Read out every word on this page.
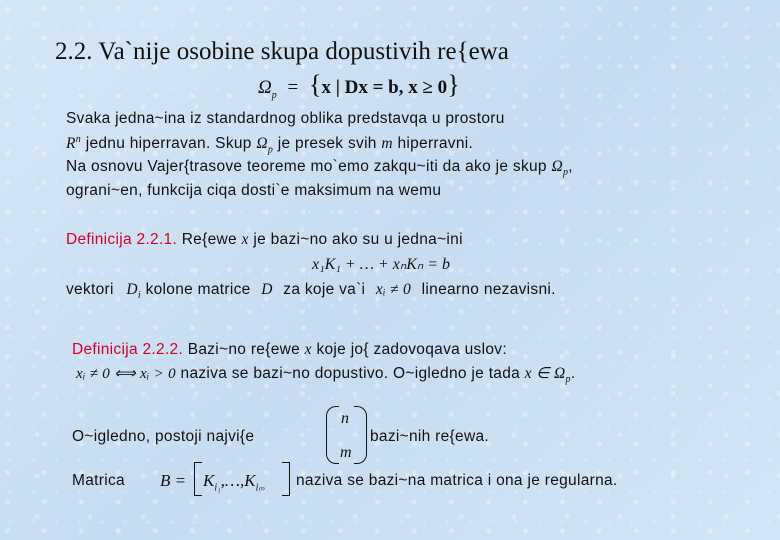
2.2. Va`nije osobine skupa dopustivih re{ewa
$\Omega_p = \{x$ | Dx = b, x ≥ 0}
Svaka jedna~ina iz standardnog oblika predstavqa u prostoru
$R^n$ jednu hiperravan. Skup $\Omega_p$ je presek svih m hiperravni.
Na osnovu Vajer{trasove teoreme mo`emo zakqu~iti da ako je skup $\Omega_p$,
ograni~en, funkcija ciqa dosti`e maksimum na wemu
Definicija 2.2.1. Re{ewe x je bazi~no ako su u jedna~ini
x₁K₁ + … + xₙKₙ = b
vektori $D_i$ kolone matrice D za koje va`i xᵢ ≠ 0 linearno nezavisni.
Definicija 2.2.2. Bazi~no re{ewe x koje jo{ zadovoqava uslov:
xᵢ ≠ 0 ⟺ xᵢ > 0 naziva se bazi~no dopustivo. O~igledno je tada x ∈ $\Omega_p$.
O~igledno, postoji najvi{e
n
m
bazi~nih re{ewa.
Matrica $B = K_{i_1},\dots,K_{i_m}$ naziva se bazi~na matrica i ona je regularna.
